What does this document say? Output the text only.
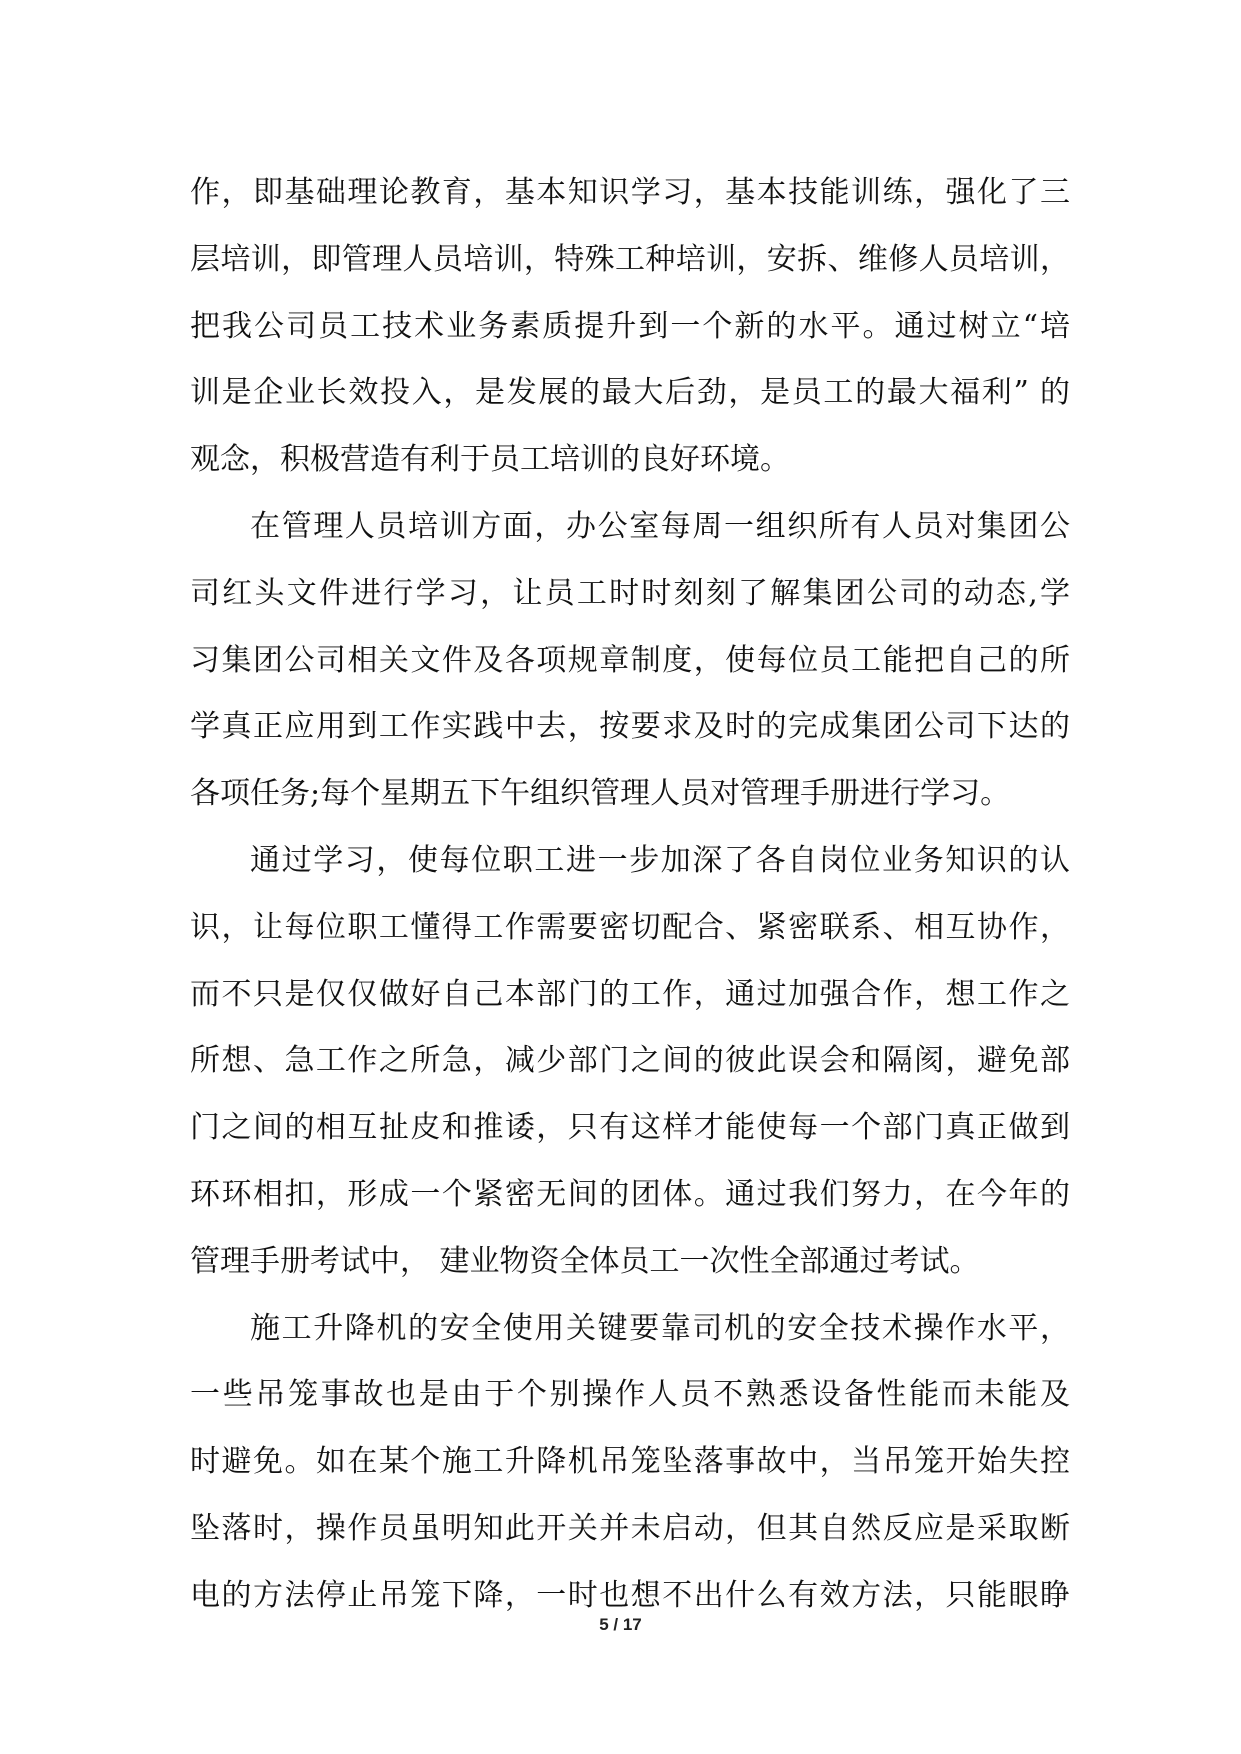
作，即基础理论教育，基本知识学习，基本技能训练，强化了三
层培训，即管理人员培训，特殊工种培训，安拆、维修人员培训，
把我公司员工技术业务素质提升到一个新的水平。通过树立“培
训是企业长效投入，是发展的最大后劲，是员工的最大福利” 的
观念，积极营造有利于员工培训的良好环境。
在管理人员培训方面，办公室每周一组织所有人员对集团公
司红头文件进行学习，让员工时时刻刻了解集团公司的动态,学
习集团公司相关文件及各项规章制度，使每位员工能把自己的所
学真正应用到工作实践中去，按要求及时的完成集团公司下达的
各项任务;每个星期五下午组织管理人员对管理手册进行学习。
通过学习，使每位职工进一步加深了各自岗位业务知识的认
识，让每位职工懂得工作需要密切配合、紧密联系、相互协作，
而不只是仅仅做好自己本部门的工作，通过加强合作，想工作之
所想、急工作之所急，减少部门之间的彼此误会和隔阂，避免部
门之间的相互扯皮和推诿，只有这样才能使每一个部门真正做到
环环相扣，形成一个紧密无间的团体。通过我们努力，在今年的
管理手册考试中， 建业物资全体员工一次性全部通过考试。
施工升降机的安全使用关键要靠司机的安全技术操作水平，
一些吊笼事故也是由于个别操作人员不熟悉设备性能而未能及
时避免。如在某个施工升降机吊笼坠落事故中，当吊笼开始失控
坠落时，操作员虽明知此开关并未启动，但其自然反应是采取断
电的方法停止吊笼下降，一时也想不出什么有效方法，只能眼睁
5 / 17
